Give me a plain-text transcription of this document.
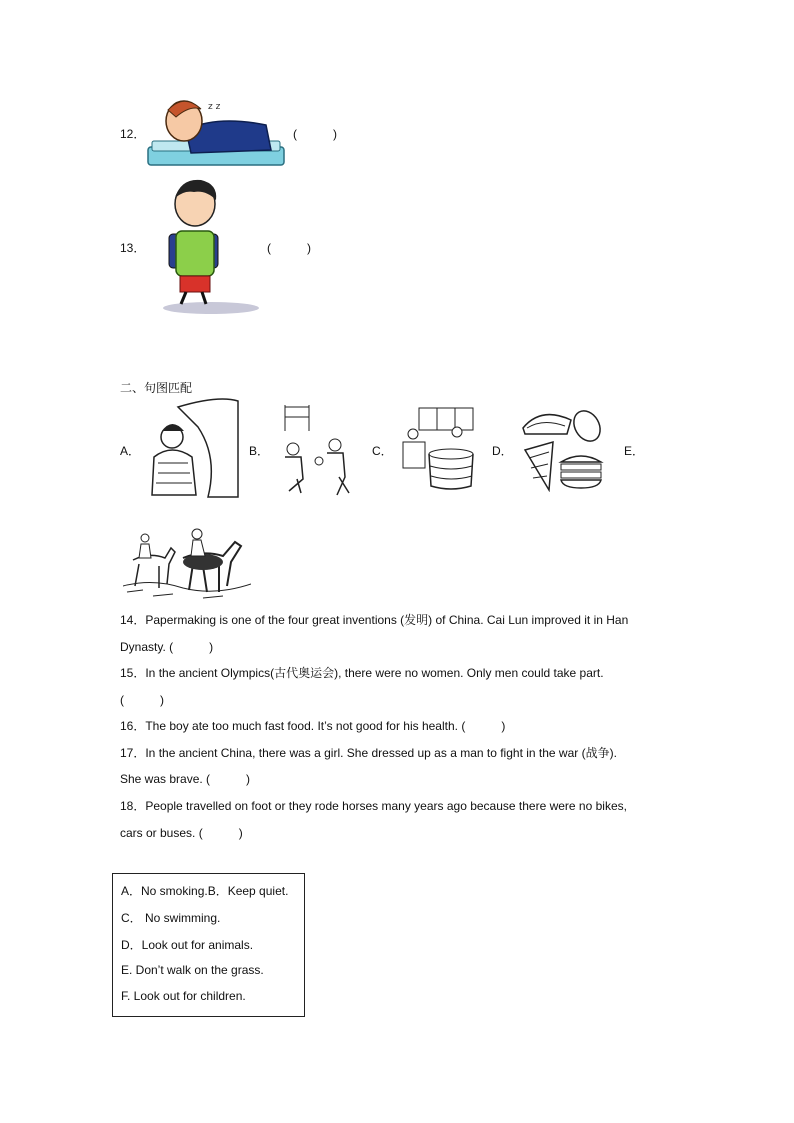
12．
z z
(　　　)
13．	(　　　)
二、句图匹配
A．	B．	C．	D．	E．
14．Papermaking is one of the four great inventions (发明) of China. Cai Lun improved it in Han
Dynasty. (　　　)
15．In the ancient Olympics(古代奥运会), there were no women. Only men could take part.
(　　　)
16．The boy ate too much fast food. It’s not good for his health. (　　　)
17．In the ancient China, there was a girl. She dressed up as a man to fight in the war (战争).
She was brave. (　　　)
18．People travelled on foot or they rode horses many years ago because there were no bikes,
cars or buses. (　　　)
A．No smoking.B．Keep quiet.
C． No swimming.
D．Look out for animals.
E. Don’t walk on the grass.
F. Look out for children.
